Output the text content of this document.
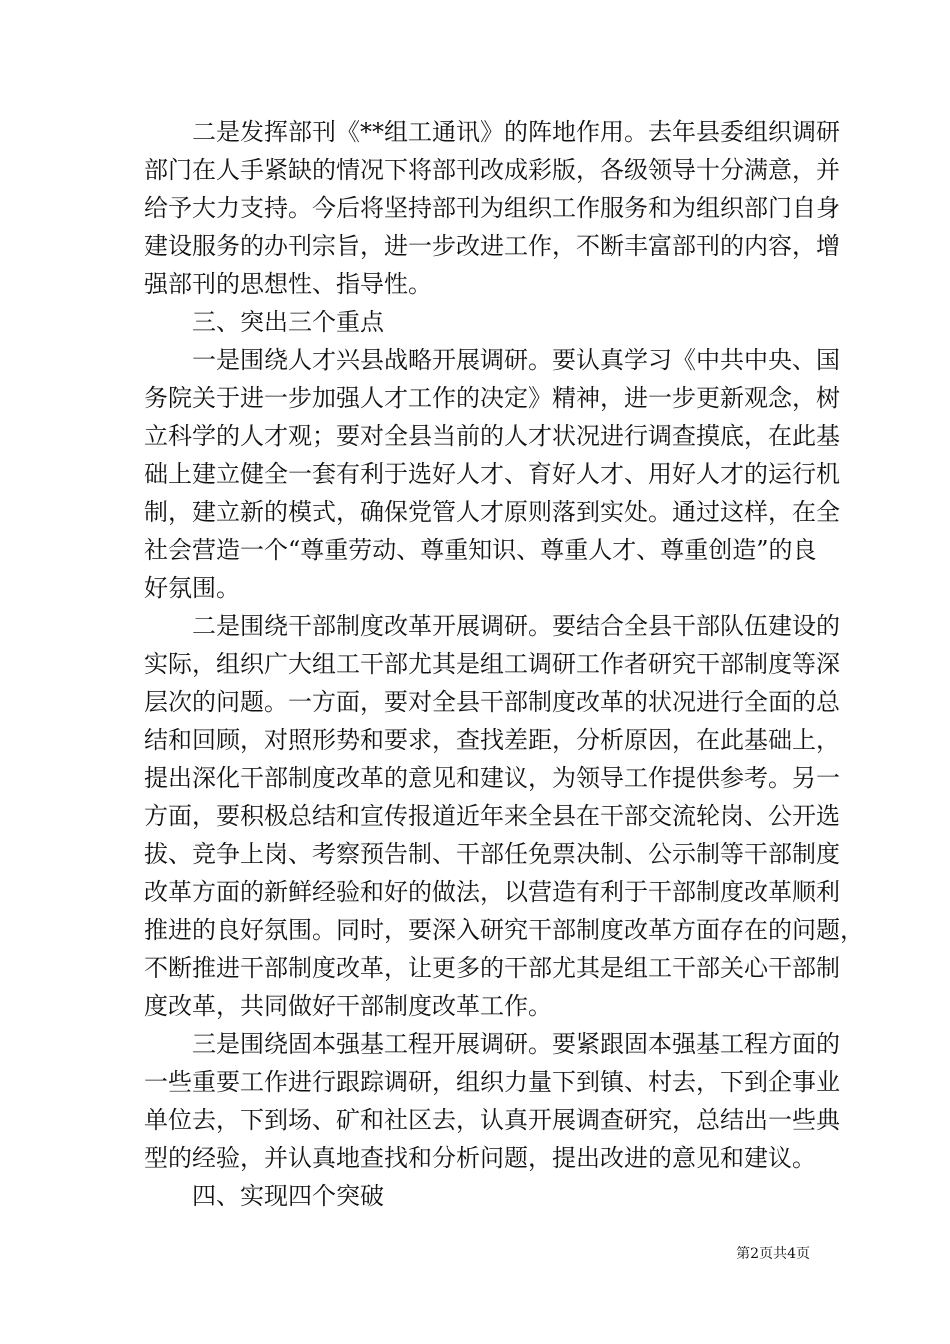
　　二是发挥部刊《**组工通讯》的阵地作用。去年县委组织调研
部门在人手紧缺的情况下将部刊改成彩版，各级领导十分满意，并
给予大力支持。今后将坚持部刊为组织工作服务和为组织部门自身
建设服务的办刊宗旨，进一步改进工作，不断丰富部刊的内容，增
强部刊的思想性、指导性。
　　三、突出三个重点
　　一是围绕人才兴县战略开展调研。要认真学习《中共中央、国
务院关于进一步加强人才工作的决定》精神，进一步更新观念，树
立科学的人才观；要对全县当前的人才状况进行调查摸底，在此基
础上建立健全一套有利于选好人才、育好人才、用好人才的运行机
制，建立新的模式，确保党管人才原则落到实处。通过这样，在全
社会营造一个“尊重劳动、尊重知识、尊重人才、尊重创造”的良
好氛围。
　　二是围绕干部制度改革开展调研。要结合全县干部队伍建设的
实际，组织广大组工干部尤其是组工调研工作者研究干部制度等深
层次的问题。一方面，要对全县干部制度改革的状况进行全面的总
结和回顾，对照形势和要求，查找差距，分析原因，在此基础上，
提出深化干部制度改革的意见和建议，为领导工作提供参考。另一
方面，要积极总结和宣传报道近年来全县在干部交流轮岗、公开选
拔、竞争上岗、考察预告制、干部任免票决制、公示制等干部制度
改革方面的新鲜经验和好的做法，以营造有利于干部制度改革顺利
推进的良好氛围。同时，要深入研究干部制度改革方面存在的问题，
不断推进干部制度改革，让更多的干部尤其是组工干部关心干部制
度改革，共同做好干部制度改革工作。
　　三是围绕固本强基工程开展调研。要紧跟固本强基工程方面的
一些重要工作进行跟踪调研，组织力量下到镇、村去，下到企事业
单位去，下到场、矿和社区去，认真开展调查研究，总结出一些典
型的经验，并认真地查找和分析问题，提出改进的意见和建议。
　　四、实现四个突破
第2页共4页
